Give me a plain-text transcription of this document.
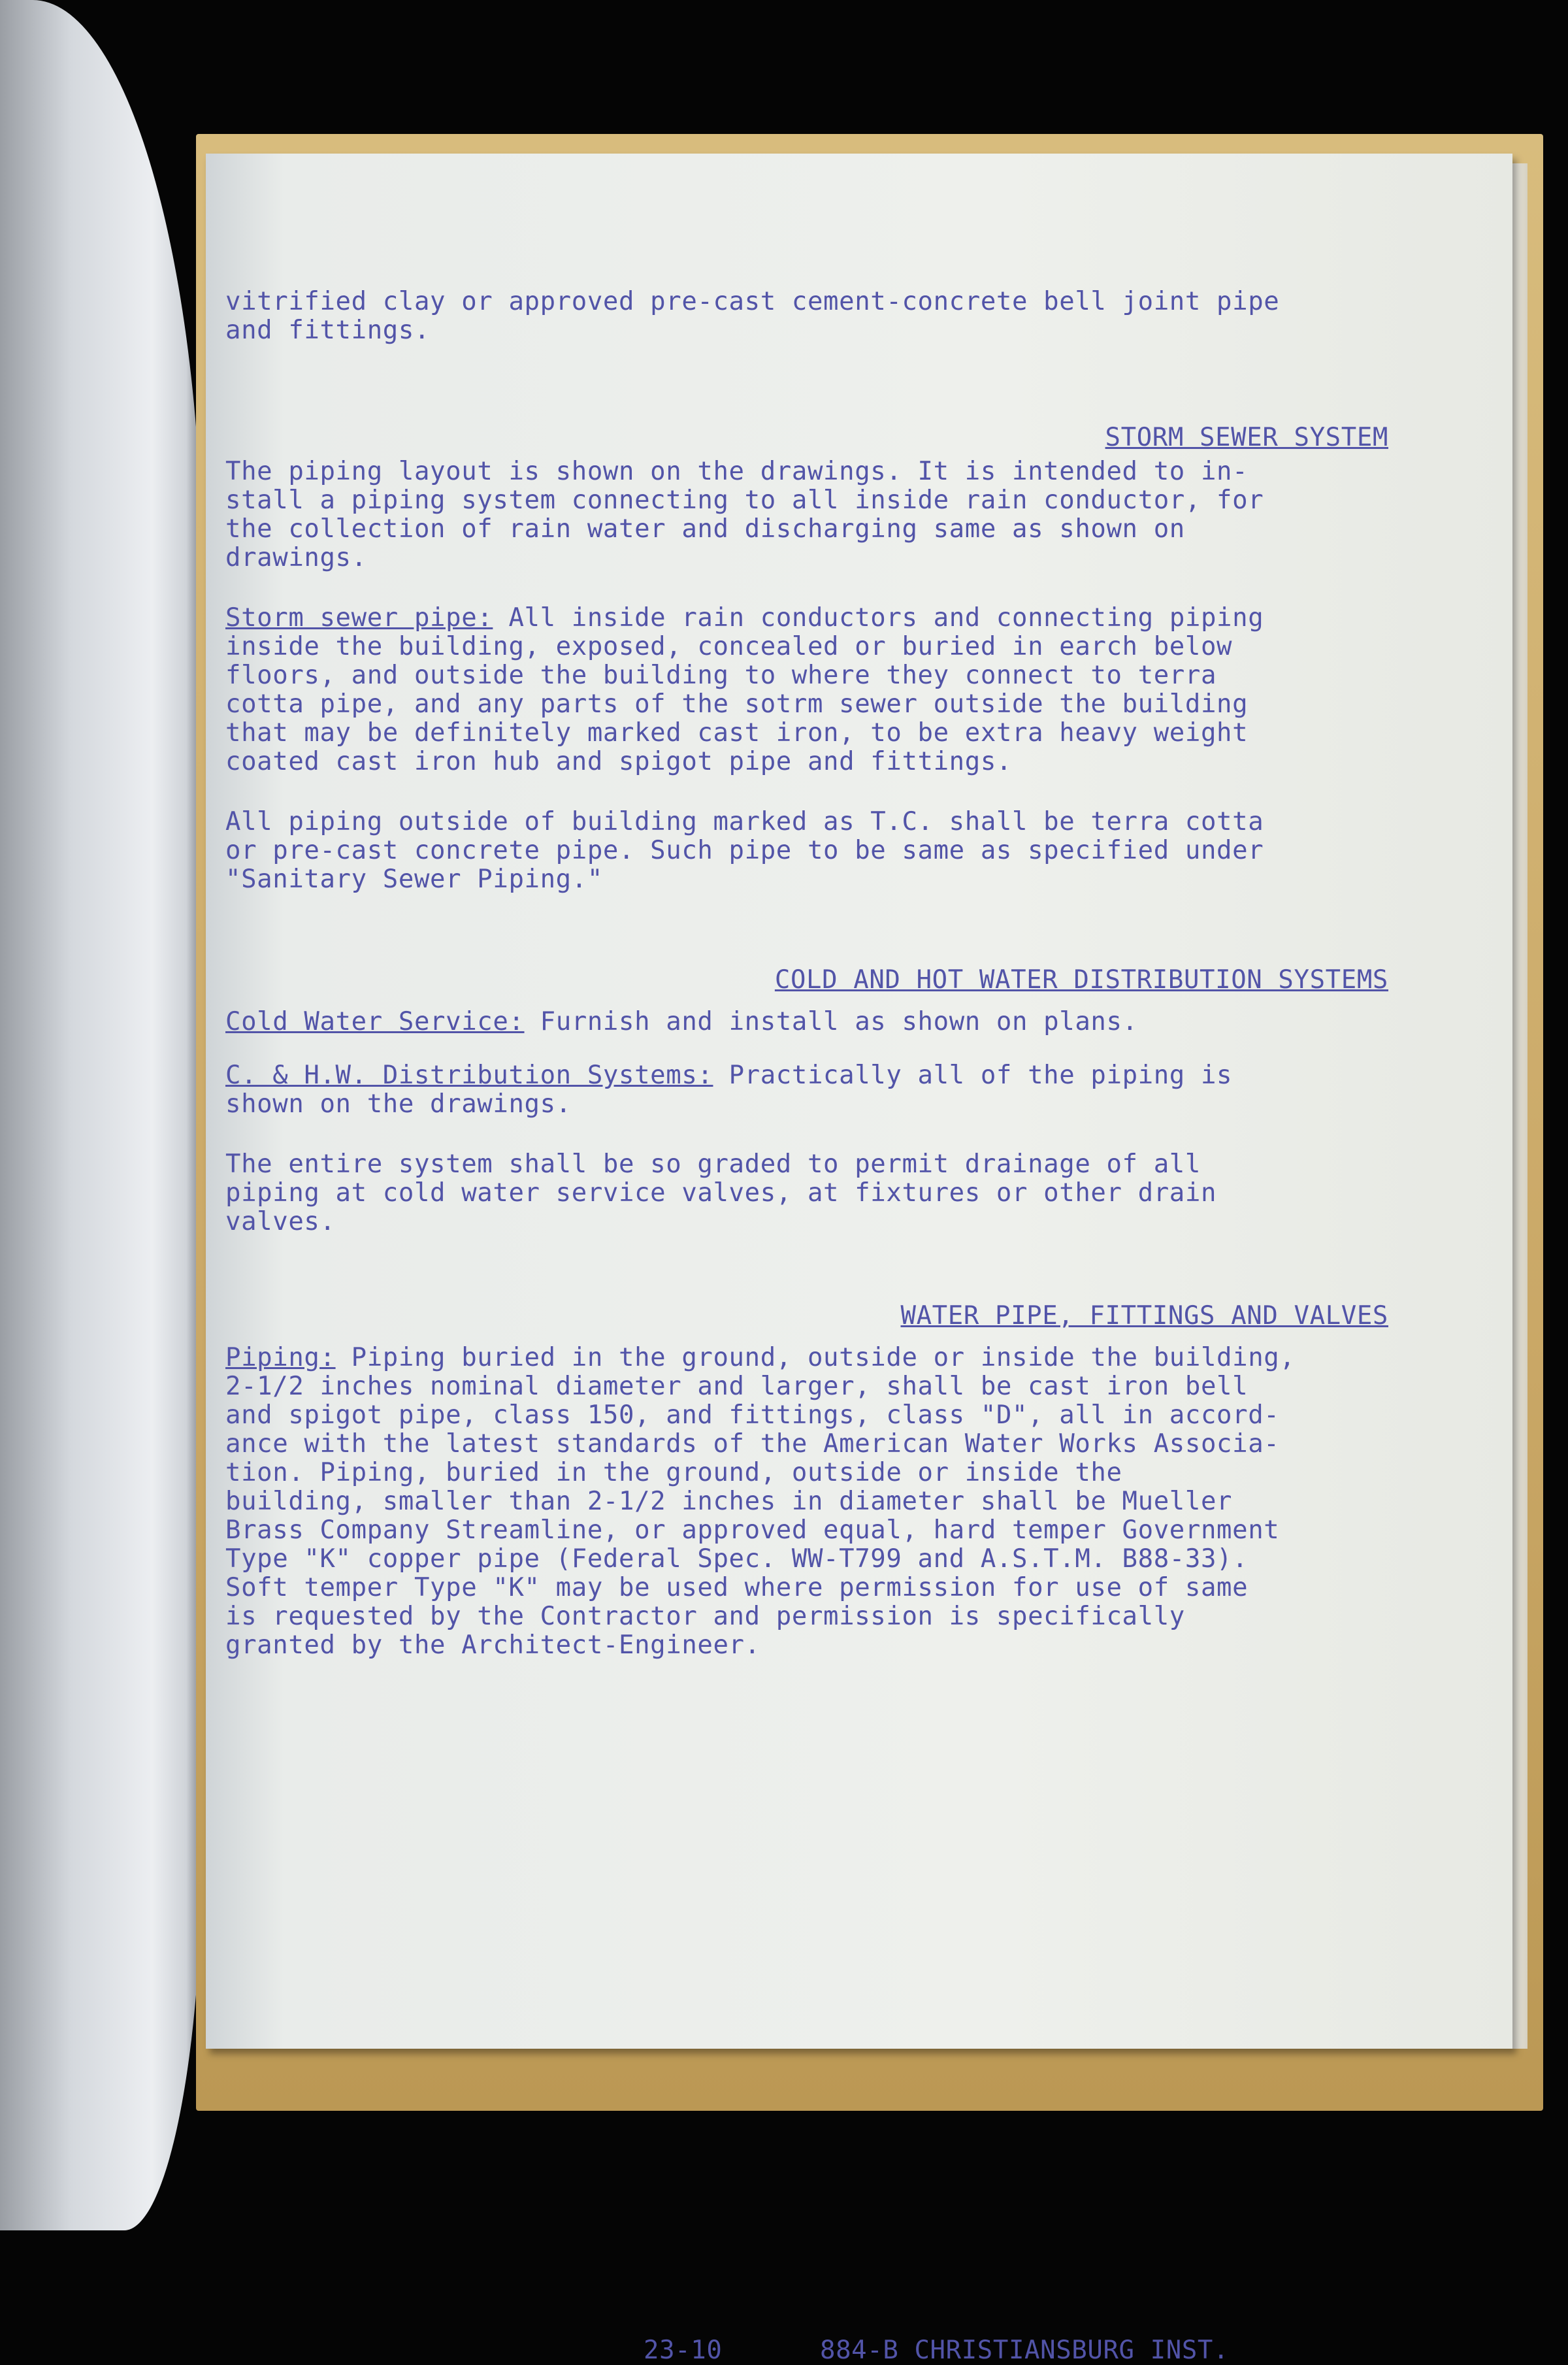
vitrified clay or approved pre-cast cement-concrete bell joint pipe
and fittings.

STORM SEWER SYSTEM

The piping layout is shown on the drawings. It is intended to in-
stall a piping system connecting to all inside rain conductor, for
the collection of rain water and discharging same as shown on
drawings.

Storm sewer pipe: All inside rain conductors and connecting piping
inside the building, exposed, concealed or buried in earch below
floors, and outside the building to where they connect to terra
cotta pipe, and any parts of the sotrm sewer outside the building
that may be definitely marked cast iron, to be extra heavy weight
coated cast iron hub and spigot pipe and fittings.

All piping outside of building marked as T.C. shall be terra cotta
or pre-cast concrete pipe. Such pipe to be same as specified under
"Sanitary Sewer Piping."

COLD AND HOT WATER DISTRIBUTION SYSTEMS

Cold Water Service: Furnish and install as shown on plans.

C. & H.W. Distribution Systems: Practically all of the piping is
shown on the drawings.

The entire system shall be so graded to permit drainage of all
piping at cold water service valves, at fixtures or other drain
valves.

WATER PIPE, FITTINGS AND VALVES

Piping: Piping buried in the ground, outside or inside the building,
2-1/2 inches nominal diameter and larger, shall be cast iron bell
and spigot pipe, class 150, and fittings, class "D", all in accord-
ance with the latest standards of the American Water Works Associa-
tion. Piping, buried in the ground, outside or inside the
building, smaller than 2-1/2 inches in diameter shall be Mueller
Brass Company Streamline, or approved equal, hard temper Government
Type "K" copper pipe (Federal Spec. WW-T799 and A.S.T.M. B88-33).
Soft temper Type "K" may be used where permission for use of same
is requested by the Contractor and permission is specifically
granted by the Architect-Engineer.

23-10	884-B CHRISTIANSBURG INST.
